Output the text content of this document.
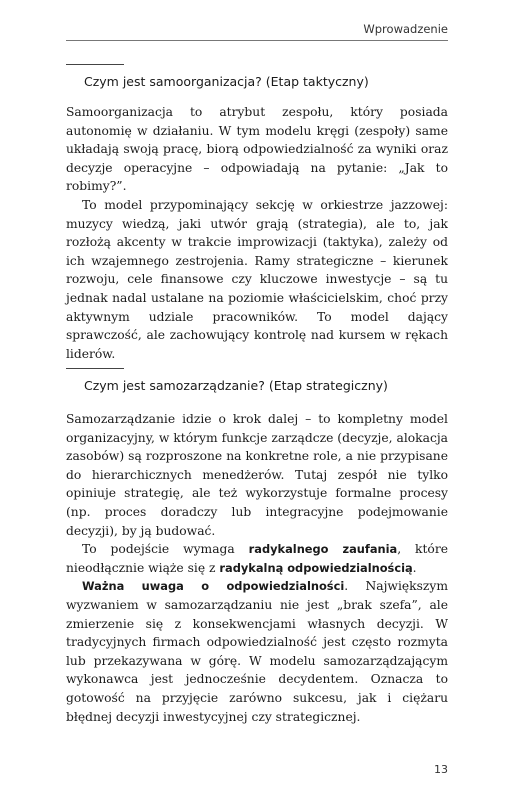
Wprowadzenie
Czym jest samoorganizacja? (Etap taktyczny)

Samoorganizacja to atrybut zespołu, który posiada autonomię w działaniu. W tym modelu kręgi (zespoły) same układają swoją pracę, biorą odpowiedzialność za wyniki oraz decyzje operacyjne – odpowiadają na pytanie: „Jak to robimy?”.

To model przypominający sekcję w orkiestrze jazzowej: muzycy wiedzą, jaki utwór grają (strategia), ale to, jak rozłożą akcenty w trakcie improwizacji (taktyka), zależy od ich wzajemnego zestrojenia. Ramy strategiczne – kierunek rozwoju, cele finansowe czy kluczowe inwestycje – są tu jednak nadal ustalane na poziomie właścicielskim, choć przy aktywnym udziale pracowników. To model dający sprawczość, ale zachowujący kontrolę nad kursem w rękach liderów.

Czym jest samozarządzanie? (Etap strategiczny)

Samozarządzanie idzie o krok dalej – to kompletny model organizacyjny, w którym funkcje zarządcze (decyzje, alokacja zasobów) są rozproszone na konkretne role, a nie przypisane do hierarchicznych menedżerów. Tutaj zespół nie tylko opiniuje strategię, ale też wykorzystuje formalne procesy (np. proces doradczy lub integracyjne podejmowanie decyzji), by ją budować.

To podejście wymaga radykalnego zaufania, które nieodłącznie wiąże się z radykalną odpowiedzialnością.

Ważna uwaga o odpowiedzialności. Największym wyzwaniem w samozarządzaniu nie jest „brak szefa”, ale zmierzenie się z konsekwencjami własnych decyzji. W tradycyjnych firmach odpowiedzialność jest często rozmyta lub przekazywana w górę. W modelu samozarządzającym wykonawca jest jednocześnie decydentem. Oznacza to gotowość na przyjęcie zarówno sukcesu, jak i ciężaru błędnej decyzji inwestycyjnej czy strategicznej.

13
